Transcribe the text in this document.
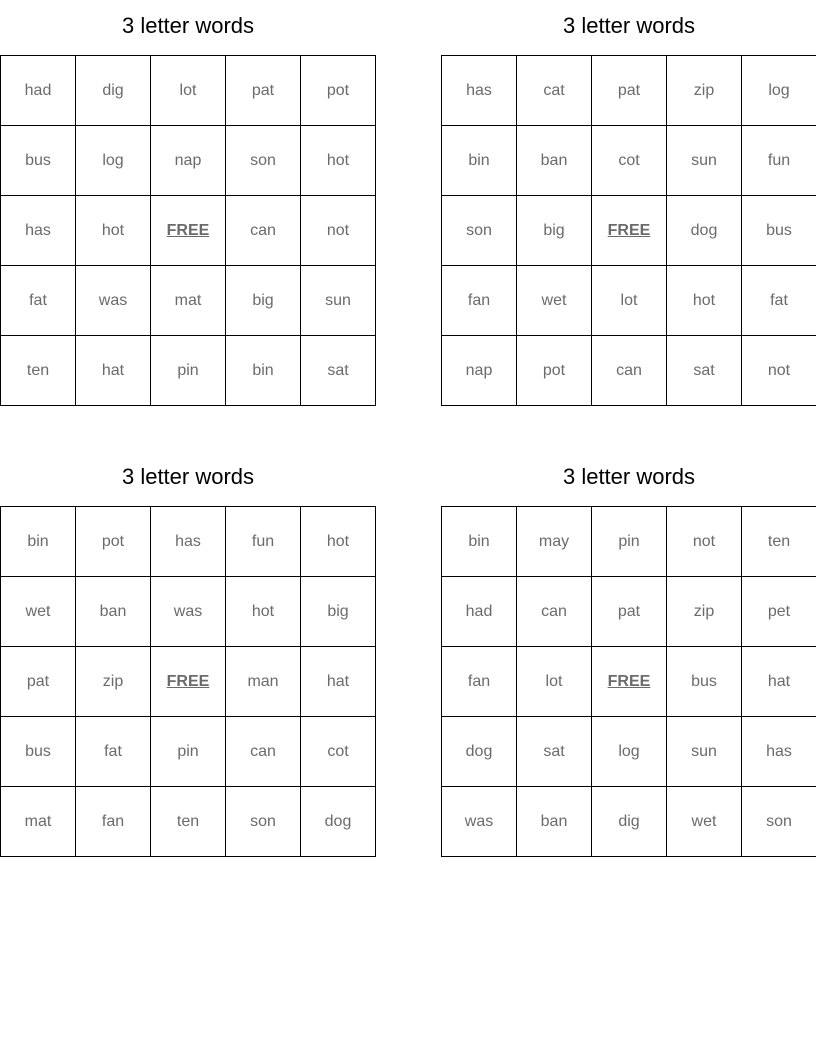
3 letter words
had	dig	lot	pat	pot
bus	log	nap	son	hot
has	hot	FREE	can	not
fat	was	mat	big	sun
ten	hat	pin	bin	sat
3 letter words
has	cat	pat	zip	log
bin	ban	cot	sun	fun
son	big	FREE	dog	bus
fan	wet	lot	hot	fat
nap	pot	can	sat	not
3 letter words
bin	pot	has	fun	hot
wet	ban	was	hot	big
pat	zip	FREE	man	hat
bus	fat	pin	can	cot
mat	fan	ten	son	dog
3 letter words
bin	may	pin	not	ten
had	can	pat	zip	pet
fan	lot	FREE	bus	hat
dog	sat	log	sun	has
was	ban	dig	wet	son
